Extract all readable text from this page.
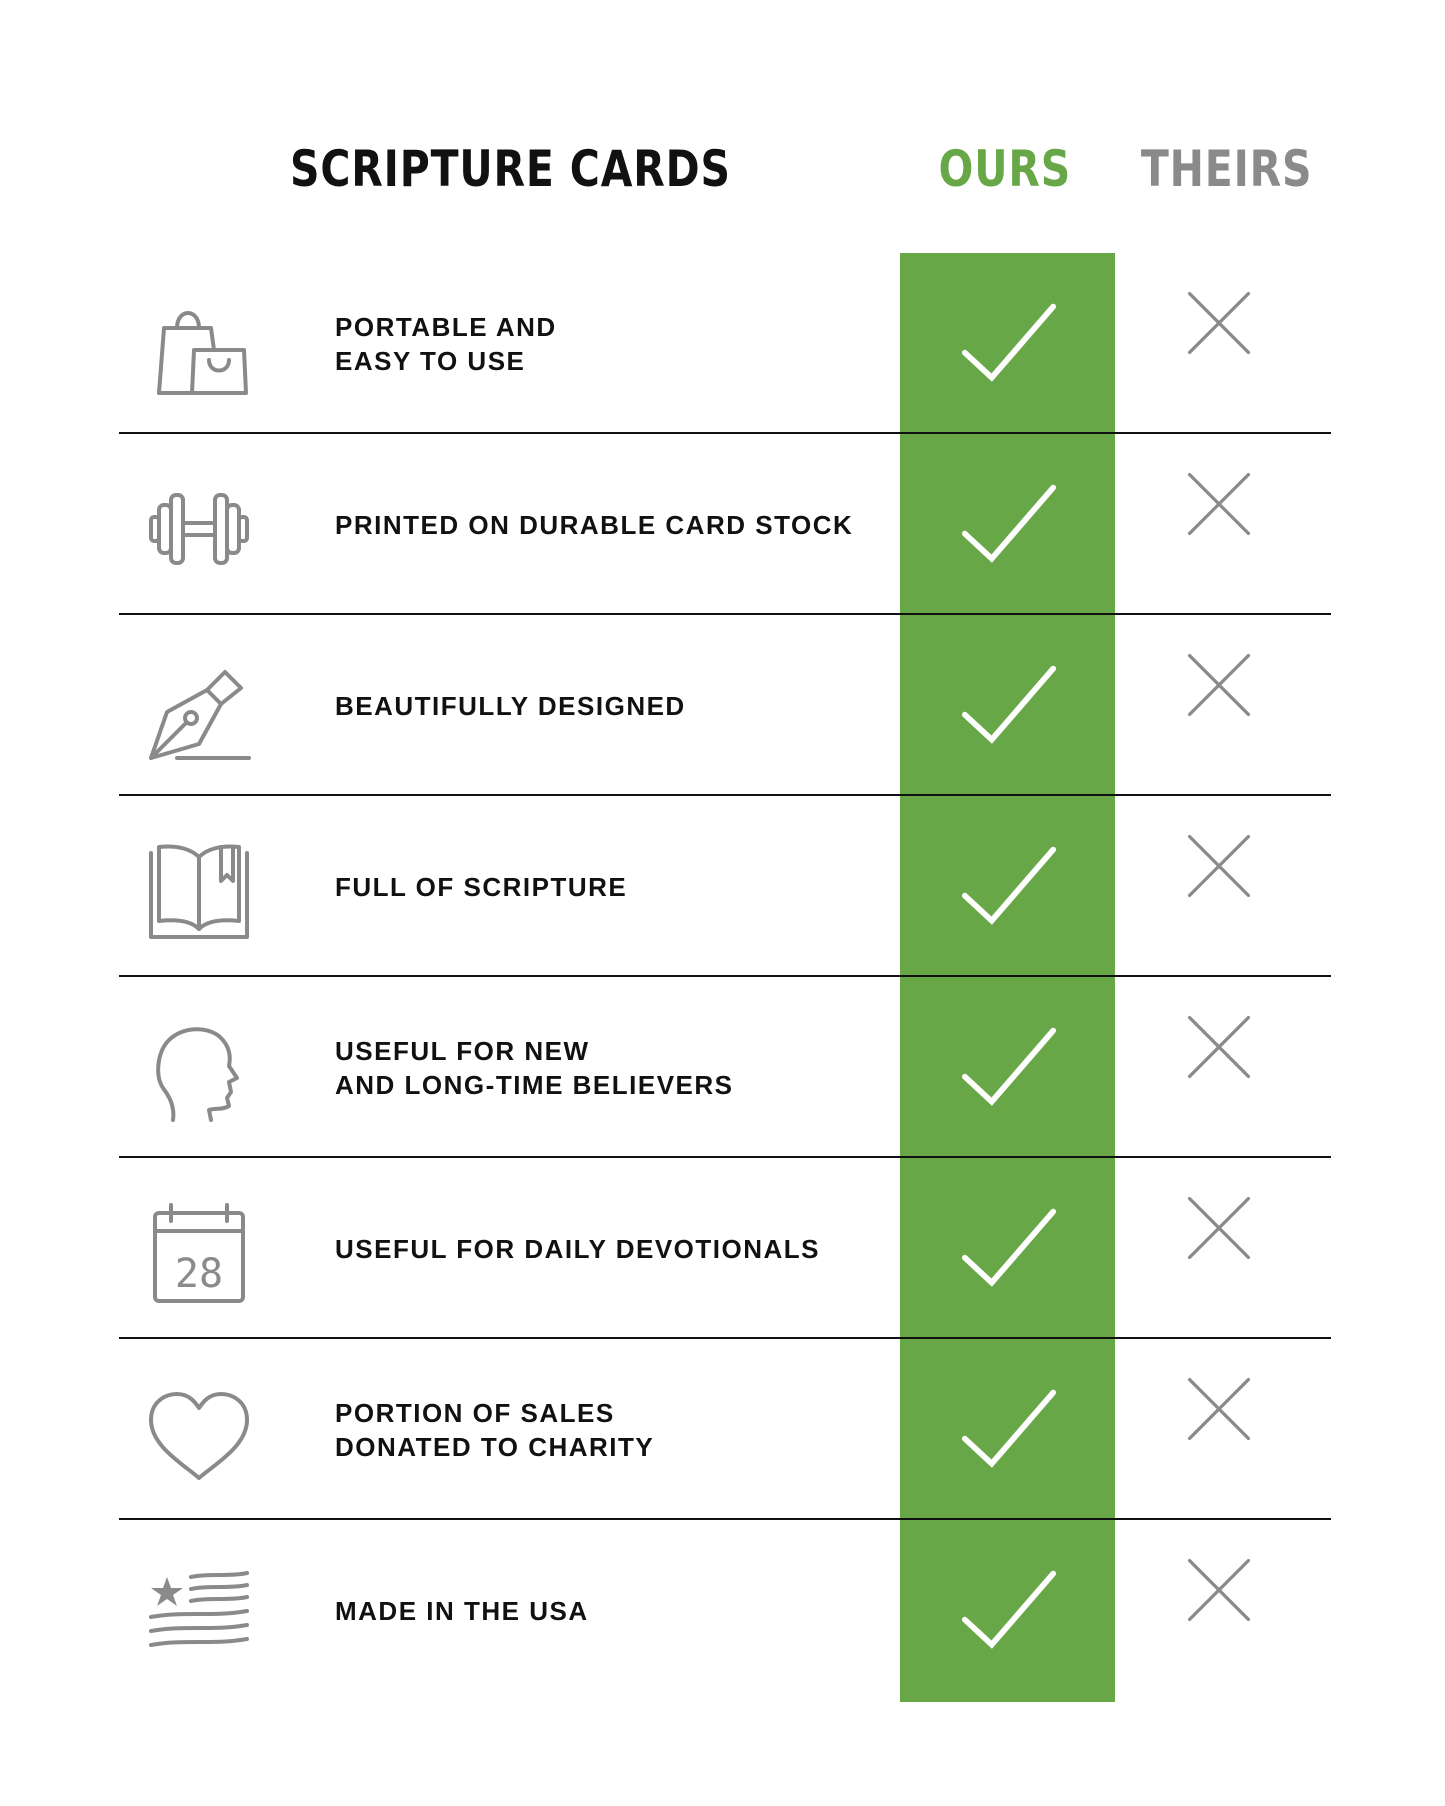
SCRIPTURE CARDS	OURS	THEIRS
PORTABLE AND
EASY TO USE
PRINTED ON DURABLE CARD STOCK
BEAUTIFULLY DESIGNED
FULL OF SCRIPTURE
USEFUL FOR NEW
AND LONG-TIME BELIEVERS
28
USEFUL FOR DAILY DEVOTIONALS
PORTION OF SALES
DONATED TO CHARITY
MADE IN THE USA
